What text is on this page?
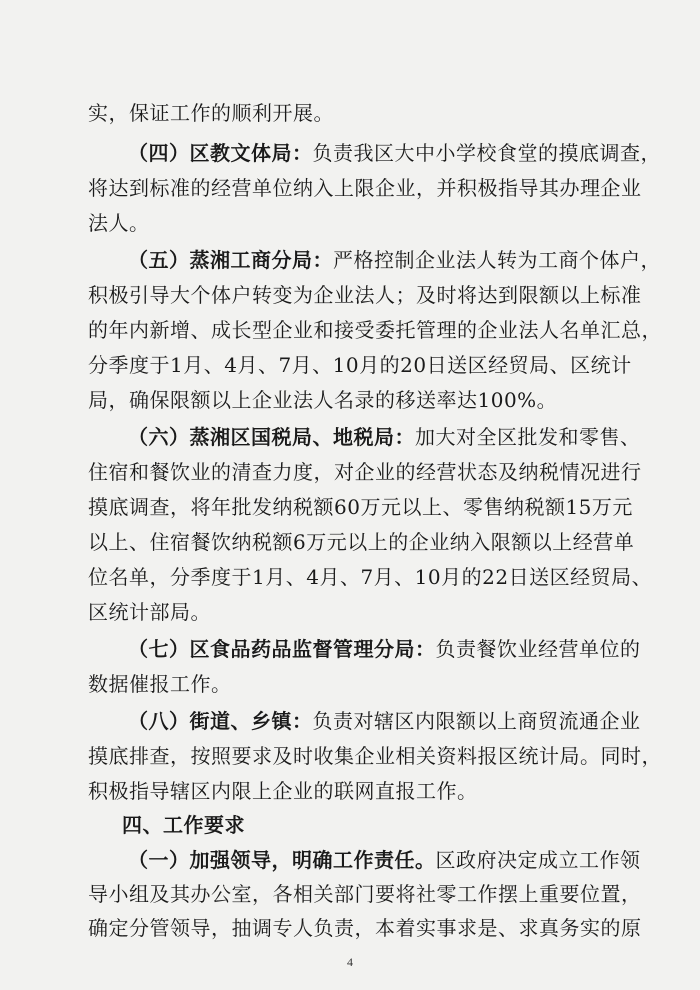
实，保证工作的顺利开展。
（四）区教文体局：负责我区大中小学校食堂的摸底调查，
将达到标准的经营单位纳入上限企业，并积极指导其办理企业
法人。
（五）蒸湘工商分局：严格控制企业法人转为工商个体户，
积极引导大个体户转变为企业法人；及时将达到限额以上标准
的年内新增、成长型企业和接受委托管理的企业法人名单汇总，
分季度于1月、4月、7月、10月的20日送区经贸局、区统计
局，确保限额以上企业法人名录的移送率达100%。
（六）蒸湘区国税局、地税局：加大对全区批发和零售、
住宿和餐饮业的清查力度，对企业的经营状态及纳税情况进行
摸底调查，将年批发纳税额60万元以上、零售纳税额15万元
以上、住宿餐饮纳税额6万元以上的企业纳入限额以上经营单
位名单，分季度于1月、4月、7月、10月的22日送区经贸局、
区统计部局。
（七）区食品药品监督管理分局：负责餐饮业经营单位的
数据催报工作。
（八）街道、乡镇：负责对辖区内限额以上商贸流通企业
摸底排查，按照要求及时收集企业相关资料报区统计局。同时，
积极指导辖区内限上企业的联网直报工作。
四、工作要求
（一）加强领导，明确工作责任。区政府决定成立工作领
导小组及其办公室，各相关部门要将社零工作摆上重要位置，
确定分管领导，抽调专人负责，本着实事求是、求真务实的原
4
